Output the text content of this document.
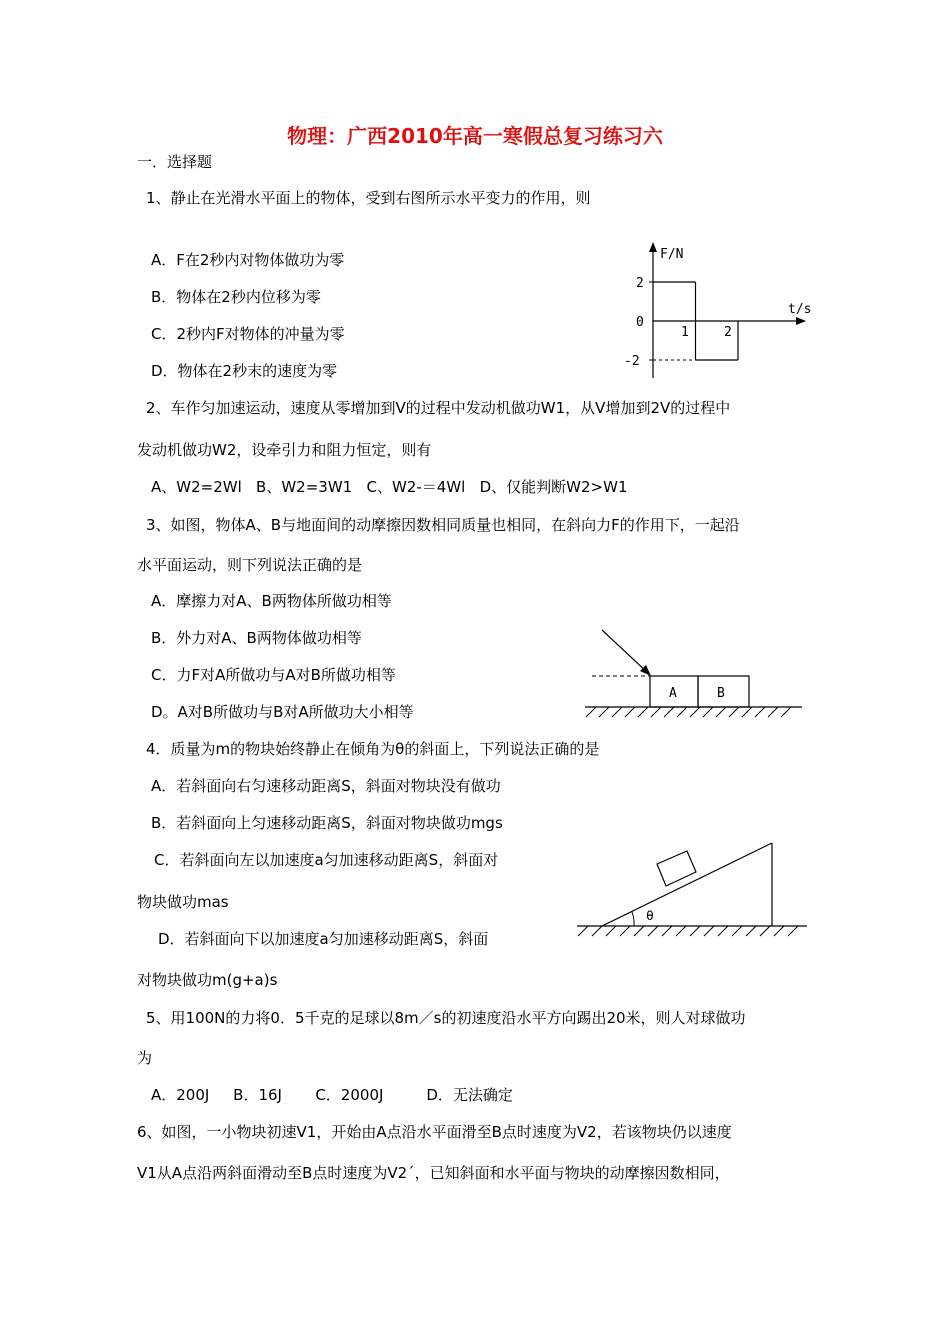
物理：广西2010年高一寒假总复习练习六
一．选择题
1、静止在光滑水平面上的物体，受到右图所示水平变力的作用，则
A．F在2秒内对物体做功为零
B．物体在2秒内位移为零
C．2秒内F对物体的冲量为零
D．物体在2秒末的速度为零
F/N
t/s
2
0
-2
1	2
2、车作匀加速运动，速度从零增加到V的过程中发动机做功W1，从V增加到2V的过程中
发动机做功W2，设牵引力和阻力恒定，则有
A、W2=2Wl   B、W2=3W1   C、W2-＝4Wl   D、仅能判断W2>W1
3、如图，物体A、B与地面间的动摩擦因数相同质量也相同，在斜向力F的作用下，一起沿
水平面运动，则下列说法正确的是
A．摩擦力对A、B两物体所做功相等
B．外力对A、B两物体做功相等
C．力F对A所做功与A对B所做功相等
D。A对B所做功与B对A所做功大小相等
A	B
4．质量为m的物块始终静止在倾角为θ的斜面上，下列说法正确的是
A．若斜面向右匀速移动距离S，斜面对物块没有做功
B．若斜面向上匀速移动距离S，斜面对物块做功mgs
C．若斜面向左以加速度a匀加速移动距离S，斜面对
物块做功mas
D．若斜面向下以加速度a匀加速移动距离S，斜面
对物块做功m(g+a)s
θ
5、用100N的力将0．5千克的足球以8m／s的初速度沿水平方向踢出20米，则人对球做功
为
A．200J     B．16J       C．2000J         D．无法确定
6、如图，一小物块初速V1，开始由A点沿水平面滑至B点时速度为V2，若该物块仍以速度
V1从A点沿两斜面滑动至B点时速度为V2ˊ，已知斜面和水平面与物块的动摩擦因数相同，
